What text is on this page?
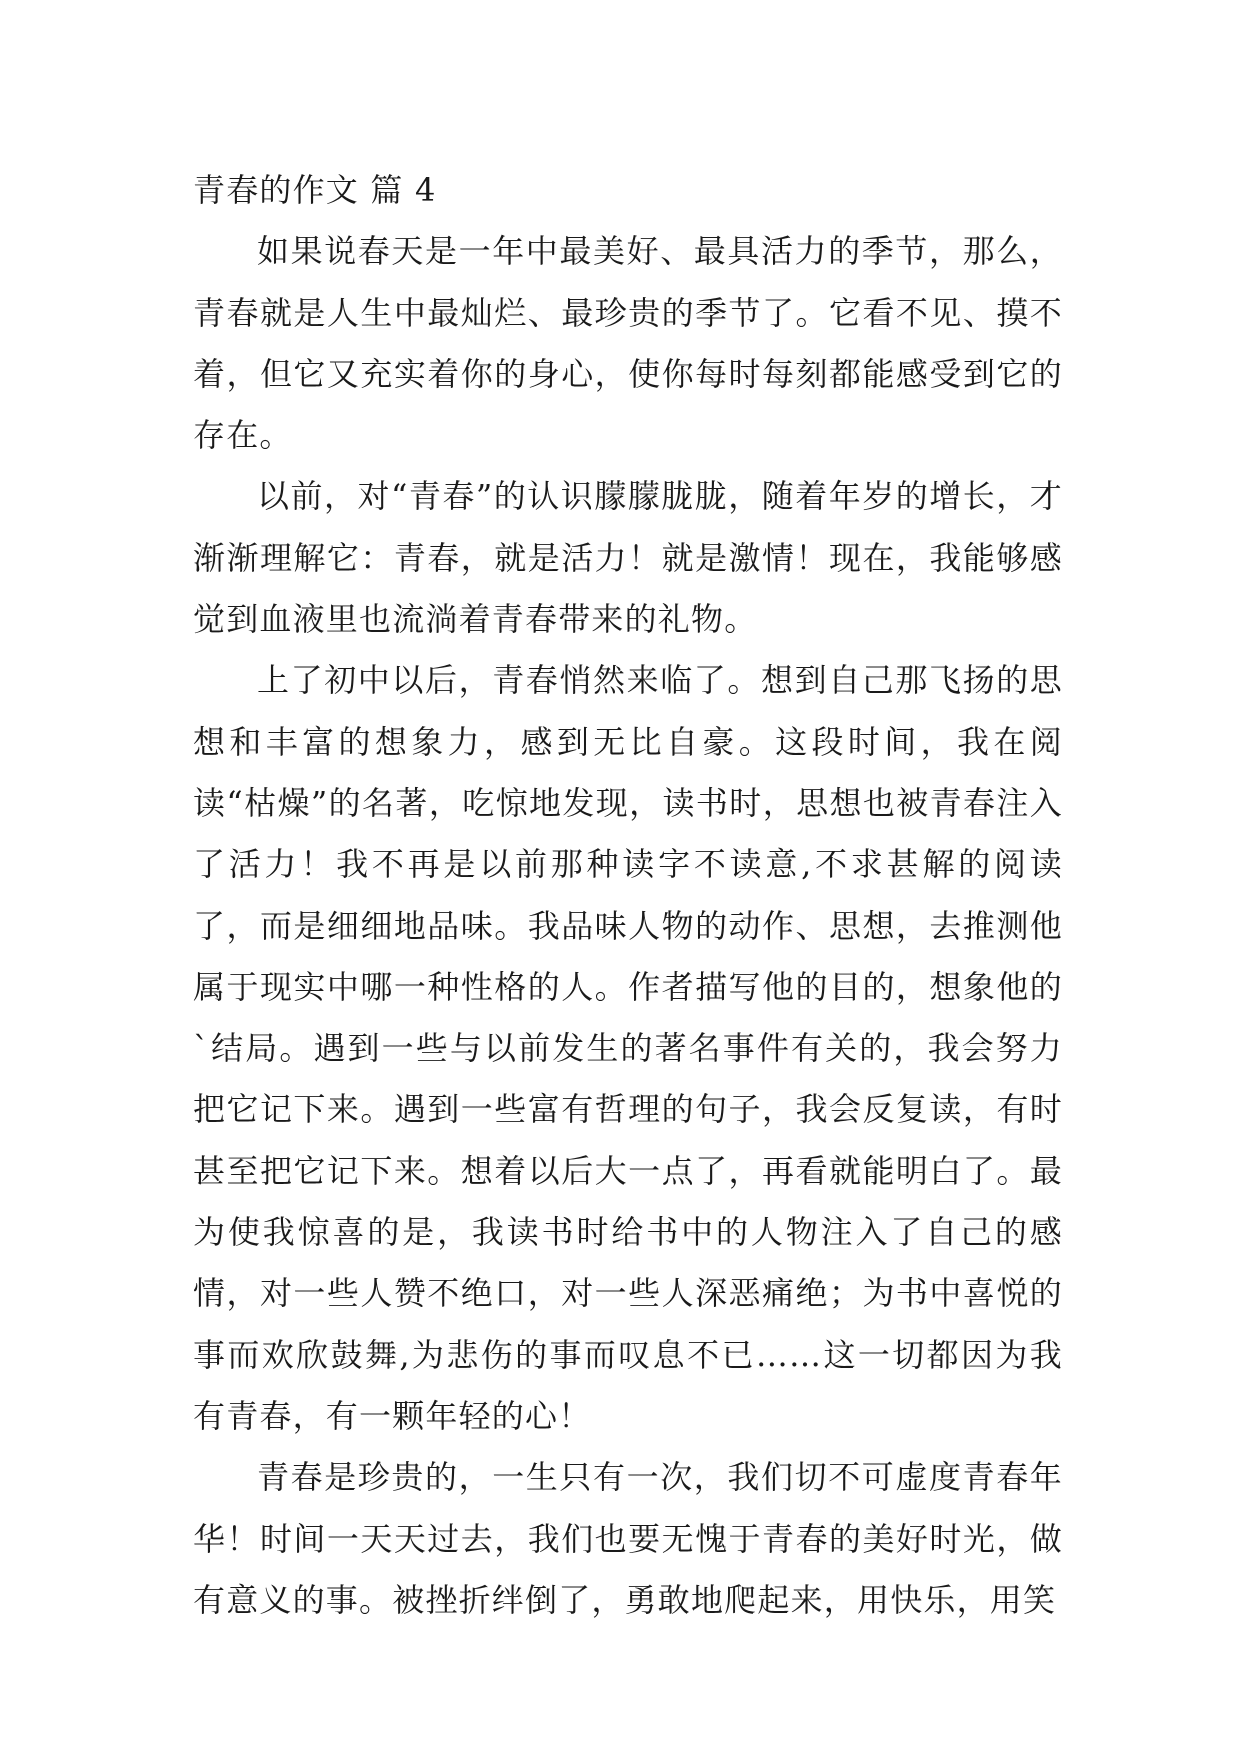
青春的作文 篇 4

如果说春天是一年中最美好、最具活力的季节，那么，青春就是人生中最灿烂、最珍贵的季节了。它看不见、摸不着，但它又充实着你的身心，使你每时每刻都能感受到它的存在。

以前，对“青春”的认识朦朦胧胧，随着年岁的增长，才渐渐理解它：青春，就是活力！就是激情！现在，我能够感觉到血液里也流淌着青春带来的礼物。

上了初中以后，青春悄然来临了。想到自己那飞扬的思想和丰富的想象力，感到无比自豪。这段时间，我在阅读“枯燥”的名著，吃惊地发现，读书时，思想也被青春注入了活力！我不再是以前那种读字不读意,不求甚解的阅读了，而是细细地品味。我品味人物的动作、思想，去推测他属于现实中哪一种性格的人。作者描写他的目的，想象他的`结局。遇到一些与以前发生的著名事件有关的，我会努力把它记下来。遇到一些富有哲理的句子，我会反复读，有时甚至把它记下来。想着以后大一点了，再看就能明白了。最为使我惊喜的是，我读书时给书中的人物注入了自己的感情，对一些人赞不绝口，对一些人深恶痛绝；为书中喜悦的事而欢欣鼓舞,为悲伤的事而叹息不已……这一切都因为我有青春，有一颗年轻的心！

青春是珍贵的，一生只有一次，我们切不可虚度青春年华！时间一天天过去，我们也要无愧于青春的美好时光，做有意义的事。被挫折绊倒了，勇敢地爬起来，用快乐，用笑
